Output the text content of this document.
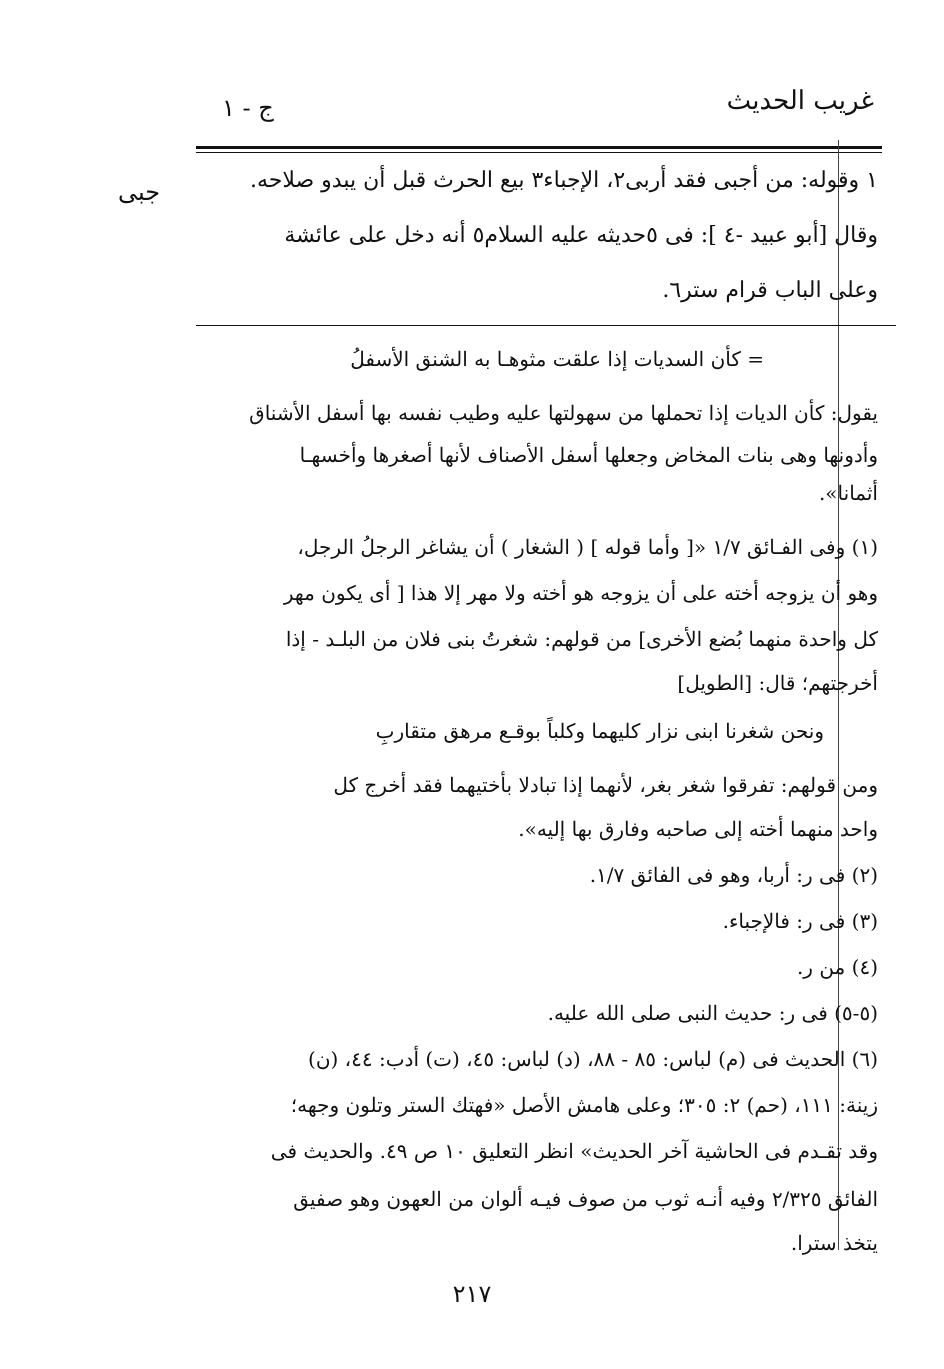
غريب الحديث
ج - ١
جبى	١ وقوله: من أجبى فقد أربى٢، الإجباء٣ بيع الحرث قبل أن يبدو صلاحه.
وقال [أبو عبيد -٤ ]: فى ٥حديثه عليه السلام٥ أنه دخل على عائشة
وعلى الباب قرام ستر٦.
= كأن السديات إذا علقت مثوهـا به الشنق الأسفلُ
يقول: كأن الديات إذا تحملها من سهولتها عليه وطيب نفسه بها أسفل الأشناق
وأدونها وهى بنات المخاض وجعلها أسفل الأصناف لأنها أصغرها وأخسهـا
أثمانا».
(١) وفى الفـائق ١/٧ «[ وأما قوله ] ( الشغار ) أن يشاغر الرجلُ الرجل،
وهو أن يزوجه أخته على أن يزوجه هو أخته ولا مهر إلا هذا [ أى يكون مهر
كل واحدة منهما بُضع الأخرى] من قولهم: شغرتُ بنى فلان من البلـد - إذا
أخرجتهم؛ قال: [الطويل]
ونحن شغرنا ابنى نزار كليهما وكلباً بوقـع مرهق متقاربِ
ومن قولهم: تفرقوا شغر بغر، لأنهما إذا تبادلا بأختيهما فقد أخرج كل
واحد منهما أخته إلى صاحبه وفارق بها إليه».
(٢) فى ر: أربا، وهو فى الفائق ١/٧.
(٣) فى ر: فالإجباء.
(٤) من ر.
(٥-٥) فى ر: حديث النبى صلى الله عليه.
(٦) الحديث فى (م) لباس: ٨٥ - ٨٨، (د) لباس: ٤٥، (ت) أدب: ٤٤، (ن)
زينة: ١١١، (حم) ٢: ٣٠٥؛ وعلى هامش الأصل «فهتك الستر وتلون وجهه؛
وقد تقـدم فى الحاشية آخر الحديث» انظر التعليق ١٠ ص ٤٩. والحديث فى
الفائق ٢/٣٢٥ وفيه أنـه ثوب من صوف فيـه ألوان من العهون وهو صفيق
يتخذ سترا.
٢١٧
